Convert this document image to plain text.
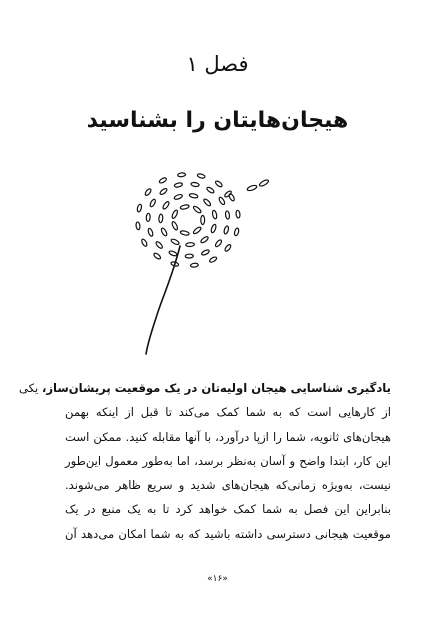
فصل ۱
هیجان‌هایتان را بشناسید
یادگیری شناسایی هیجان اولیه‌تان در یک موقعیت پریشان‌ساز، یکی
از کارهایی است که به شما کمک می‌کند تا قبل از اینکه بهمن
هیجان‌های ثانویه، شما را ازپا درآورد، با آنها مقابله کنید. ممکن است
این کار، ابتدا واضح و آسان به‌نظر برسد، اما به‌طور معمول این‌طور
نیست، به‌ویژه زمانی‌که هیجان‌های شدید و سریع ظاهر می‌شوند.
بنابراین این فصل به شما کمک خواهد کرد تا به یک منبع در یک
موقعیت هیجانی دسترسی داشته باشید که به شما امکان می‌دهد آن
«۱۶»
